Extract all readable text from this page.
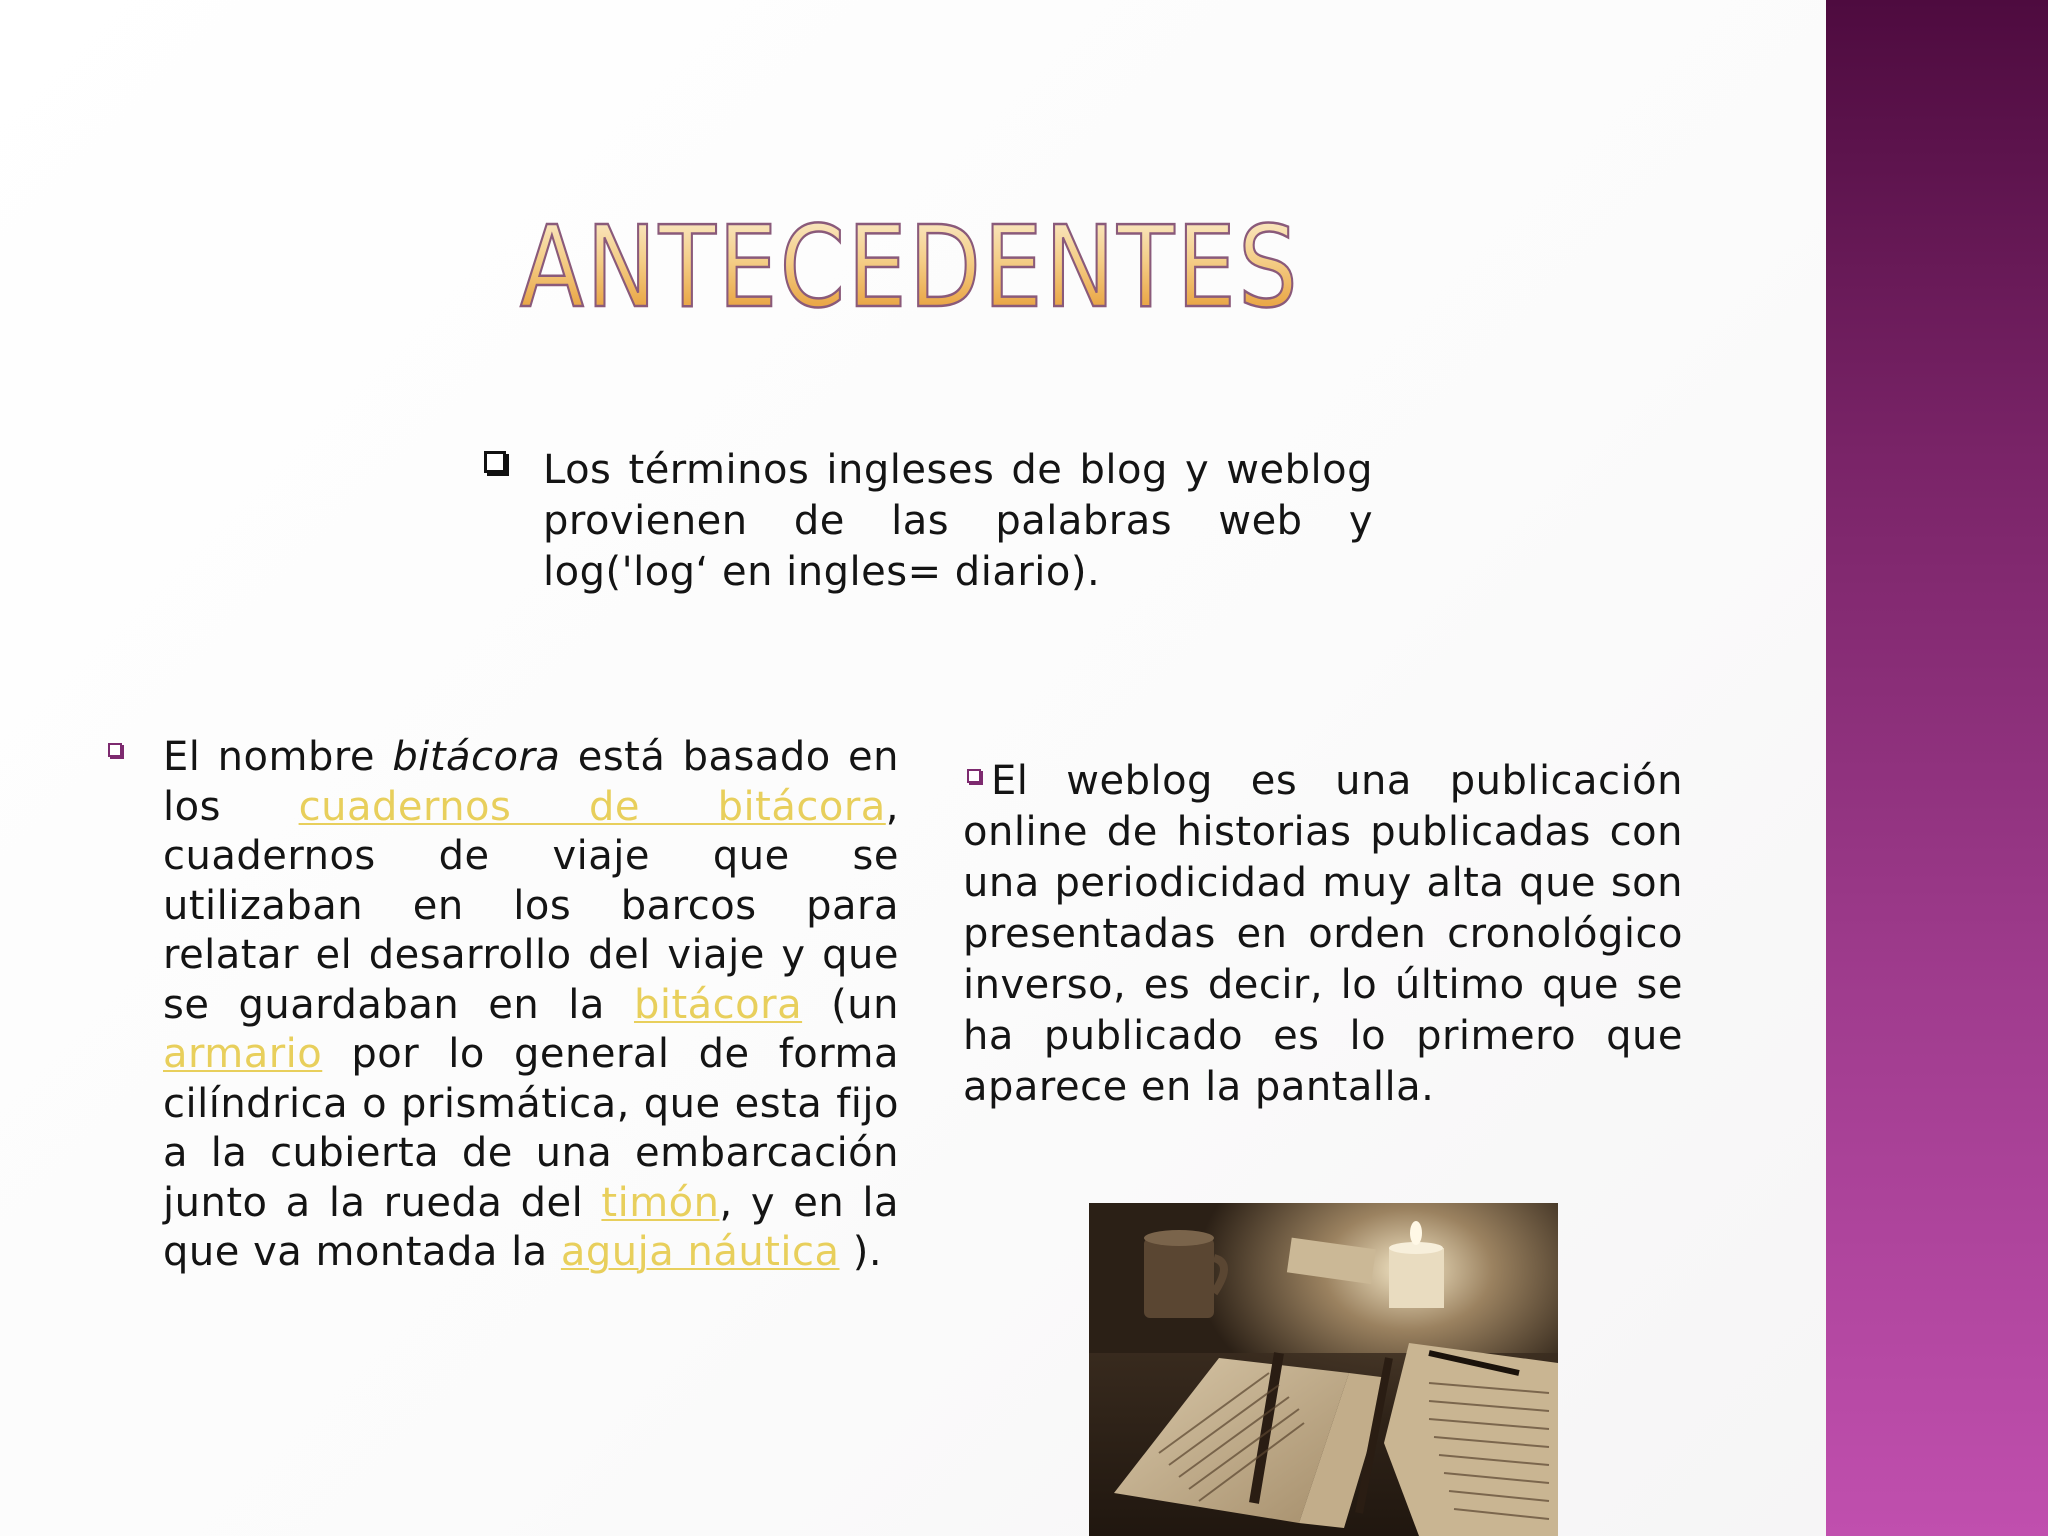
ANTECEDENTES
Los términos ingleses de blog y weblog provienen de las palabras web y log('log‘ en ingles= diario).
El nombre bitácora está basado en los cuadernos de bitácora, cuadernos de viaje que se utilizaban en los barcos para relatar el desarrollo del viaje y que se guardaban en la bitácora (un armario por lo general de forma cilíndrica o prismática, que esta fijo a la cubierta de una embarcación junto a la rueda del timón, y en la que va montada la aguja náutica ).
El weblog es una publicación online de historias publicadas con una periodicidad muy alta que son presentadas en orden cronológico inverso, es decir, lo último que se ha publicado es lo primero que aparece en la pantalla.
